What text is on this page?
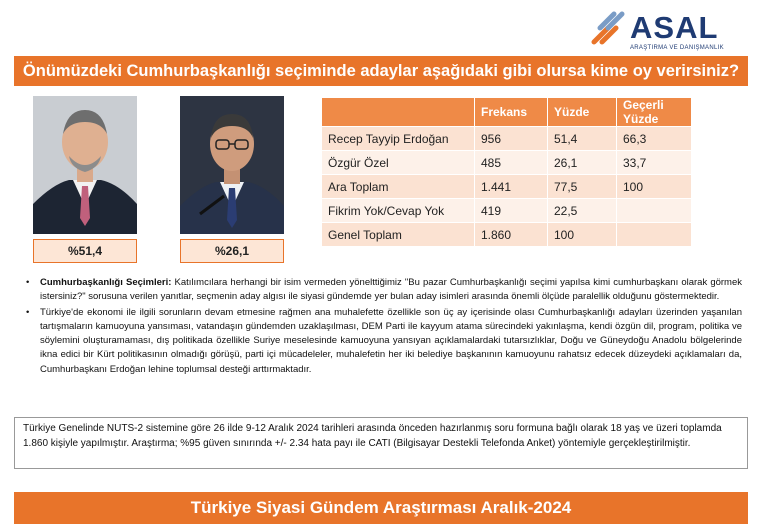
ASAL
ARAŞTIRMA VE DANIŞMANLIK
Önümüzdeki Cumhurbaşkanlığı seçiminde adaylar aşağıdaki gibi olursa kime oy verirsiniz?
%51,4	%26,1
	Frekans	Yüzde	Geçerli Yüzde
Recep Tayyip Erdoğan	956	51,4	66,3
Özgür Özel	485	26,1	33,7
Ara Toplam	1.441	77,5	100
Fikrim Yok/Cevap Yok	419	22,5	
Genel Toplam	1.860	100	
• Cumhurbaşkanlığı Seçimleri: Katılımcılara herhangi bir isim vermeden yönelttiğimiz "Bu pazar Cumhurbaşkanlığı seçimi yapılsa kimi cumhurbaşkanı olarak görmek istersiniz?" sorusuna verilen yanıtlar, seçmenin aday algısı ile siyasi gündemde yer bulan aday isimleri arasında önemli ölçüde paralellik olduğunu göstermektedir.
• Türkiye'de ekonomi ile ilgili sorunların devam etmesine rağmen ana muhalefette özellikle son üç ay içerisinde olası Cumhurbaşkanlığı adayları üzerinden yaşanılan tartışmaların kamuoyuna yansıması, vatandaşın gündemden uzaklaşılması, DEM Parti ile kayyum atama sürecindeki yakınlaşma, kendi özgün dil, program, politika ve söylemini oluşturamaması, dış politikada özellikle Suriye meselesinde kamuoyuna yansıyan açıklamalardaki tutarsızlıklar, Doğu ve Güneydoğu Anadolu bölgelerinde ikna edici bir Kürt politikasının olmadığı görüşü, parti içi mücadeleler, muhalefetin her iki belediye başkanının kamuoyunu rahatsız edecek düzeydeki açıklamaları da, Cumhurbaşkanı Erdoğan lehine toplumsal desteği arttırmaktadır.
Türkiye Genelinde NUTS-2 sistemine göre 26 ilde 9-12 Aralık 2024 tarihleri arasında önceden hazırlanmış soru formuna bağlı olarak 18 yaş ve üzeri toplamda 1.860 kişiyle yapılmıştır. Araştırma; %95 güven sınırında +/- 2.34 hata payı ile CATI (Bilgisayar Destekli Telefonda Anket) yöntemiyle gerçekleştirilmiştir.
Türkiye Siyasi Gündem Araştırması Aralık-2024
